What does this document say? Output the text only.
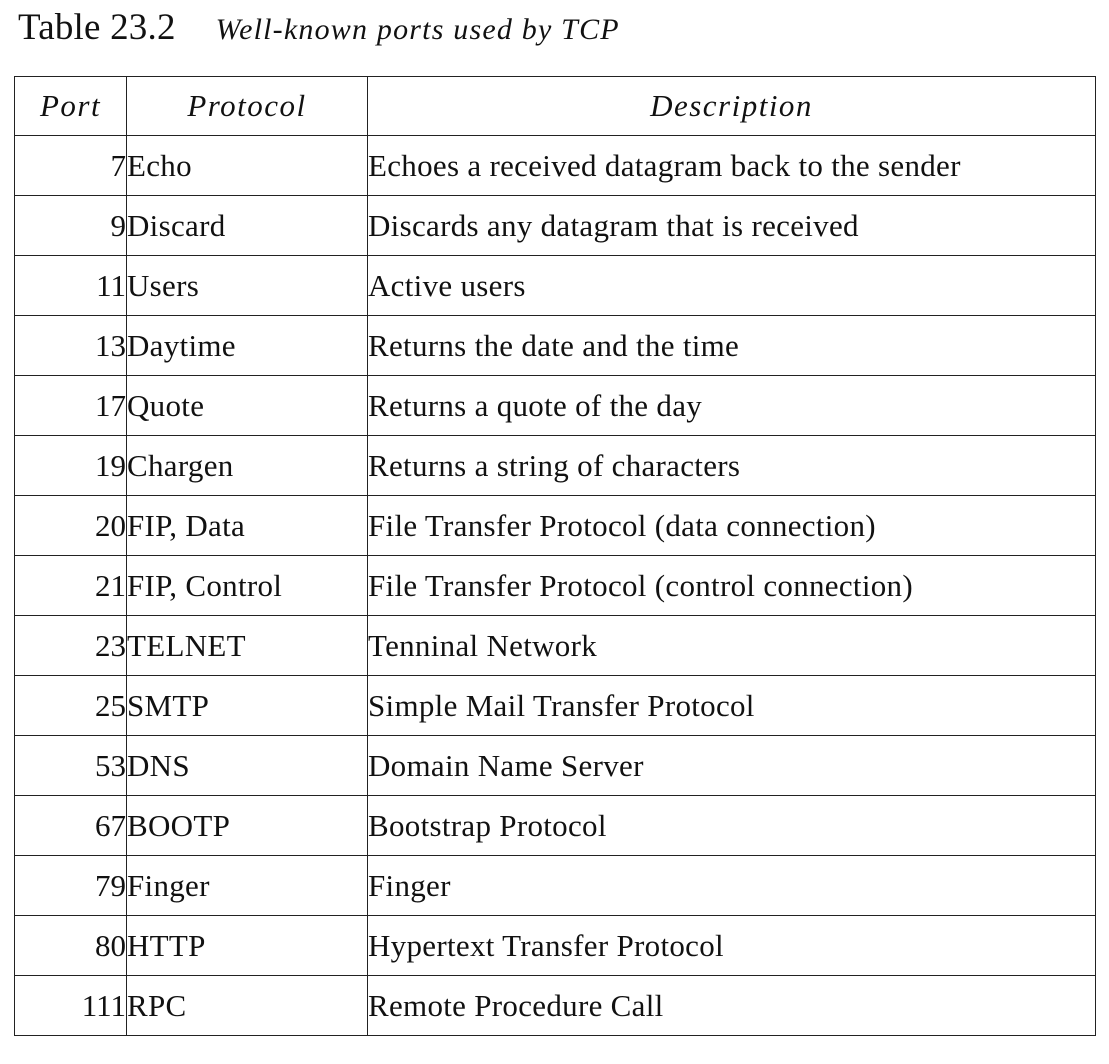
Table 23.2 Well-known ports used by TCP
Port	Protocol	Description
7	Echo	Echoes a received datagram back to the sender
9	Discard	Discards any datagram that is received
11	Users	Active users
13	Daytime	Returns the date and the time
17	Quote	Returns a quote of the day
19	Chargen	Returns a string of characters
20	FIP, Data	File Transfer Protocol (data connection)
21	FIP, Control	File Transfer Protocol (control connection)
23	TELNET	Tenninal Network
25	SMTP	Simple Mail Transfer Protocol
53	DNS	Domain Name Server
67	BOOTP	Bootstrap Protocol
79	Finger	Finger
80	HTTP	Hypertext Transfer Protocol
111	RPC	Remote Procedure Call
